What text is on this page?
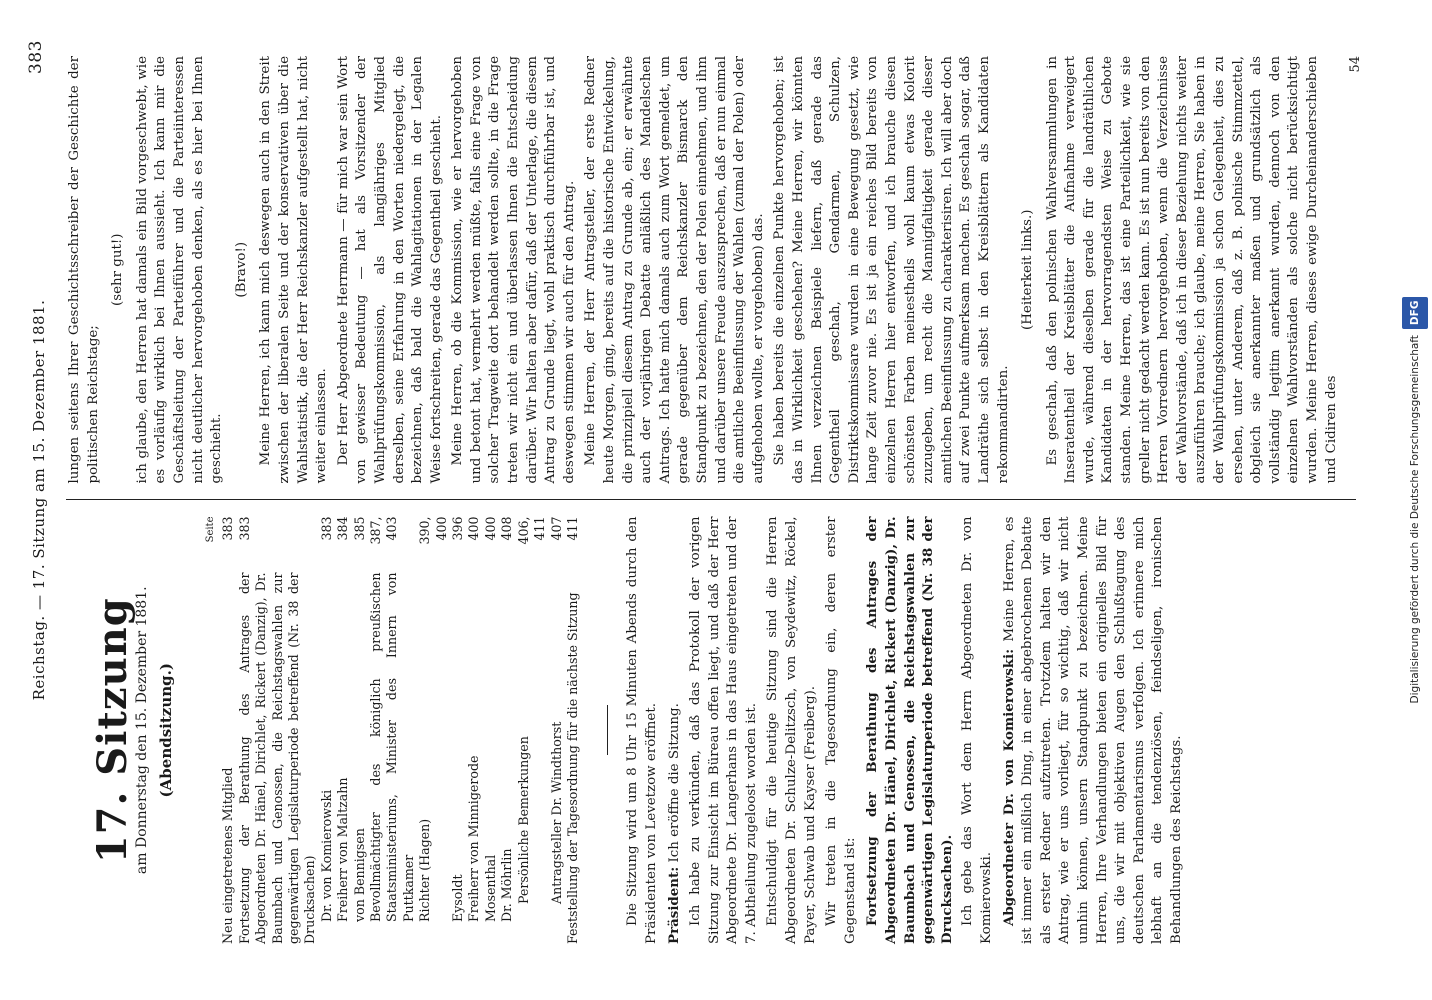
Reichstag. — 17. Sitzung am 15. Dezember 1881.
383
17. Sitzung
am Donnerstag den 15. Dezember 1881. (Abendsitzung.)
Seite
Neu eingetretenes Mitglied
383
Fortsetzung der Berathung des Antrages der Abgeordneten Dr. Hänel, Dirichlet, Rickert (Danzig), Dr. Baumbach und Genossen, die Reichstagswahlen zur gegenwärtigen Legislaturperiode betreffend (Nr. 38 der Drucksachen)
383
Dr. von Komierowski
383
Freiherr von Maltzahn
384
von Bennigsen
385
Bevollmächtigter des königlich preußischen Staatsministeriums, Minister des Innern von Puttkamer
387, 403
Richter (Hagen)
390, 400
Eysoldt
396
Freiherr von Minnigerode
400
Mosenthal
400
Dr. Möhrlin
408
Persönliche Bemerkungen
406, 411
Antragsteller Dr. Windthorst
407
Feststellung der Tagesordnung für die nächste Sitzung
411	Die Sitzung wird um 8 Uhr 15 Minuten Abends durch den Präsidenten von Levetzow eröffnet. Präsident: Ich eröffne die Sitzung. Ich habe zu verkünden, daß das Protokoll der vorigen Sitzung zur Einsicht im Büreau offen liegt, und daß der Herr Abgeordnete Dr. Langerhans in das Haus eingetreten und der 7. Abtheilung zugeloost worden ist. Entschuldigt für die heutige Sitzung sind die Herren Abgeordneten Dr. Schulze-Delitzsch, von Seydewitz, Röckel, Payer, Schwab und Kayser (Freiberg). Wir treten in die Tagesordnung ein, deren erster Gegenstand ist: Fortsetzung der Berathung des Antrages der Abgeordneten Dr. Hänel, Dirichlet, Rickert (Danzig), Dr. Baumbach und Genossen, die Reichstagswahlen zur gegenwärtigen Legislaturperiode betreffend (Nr. 38 der Drucksachen). Ich gebe das Wort dem Herrn Abgeordneten Dr. von Komierowski. Abgeordneter Dr. von Komierowski: Meine Herren, es ist immer ein mißlich Ding, in einer abgebrochenen Debatte als erster Redner aufzutreten. Trotzdem halten wir den Antrag, wie er uns vorliegt, für so wichtig, daß wir nicht umhin können, unsern Standpunkt zu bezeichnen. Meine Herren, Ihre Verhandlungen bieten ein originelles Bild für uns, die wir mit objektiven Augen den Schlußtagung des deutschen Parlamentarismus verfolgen. Ich erinnere mich lebhaft an die tendenziösen, feindseligen, ironischen Behandlungen des Reichstags.

lungen seitens Ihrer Geschichtsschreiber der Geschichte der politischen Reichstage;

(sehr gut!) ich glaube, den Herren hat damals ein Bild vorgeschwebt, wie es vorläufig wirklich bei Ihnen aussieht. Ich kann mir die Geschäftsleitung der Parteiführer und die Parteiinteressen nicht deutlicher hervorgehoben denken, als es hier bei Ihnen geschieht.

(Bravo!) Meine Herren, ich kann mich deswegen auch in den Streit zwischen der liberalen Seite und der konservativen über die Wahlstatistik, die der Herr Reichskanzler aufgestellt hat, nicht weiter einlassen. Der Herr Abgeordnete Herrmann — für mich war sein Wort von gewisser Bedeutung — hat als Vorsitzender der Wahlprüfungskommission, als langjähriges Mitglied derselben, seine Erfahrung in den Worten niedergelegt, die bezeichnen, daß bald die Wahlagitationen in der Legalen Weise fortschreiten, gerade das Gegentheil geschieht. Meine Herren, ob die Kommission, wie er hervorgehoben und betont hat, vermehrt werden müßte, falls eine Frage von solcher Tragweite dort behandelt werden sollte, in die Frage treten wir nicht ein und überlassen Ihnen die Entscheidung darüber. Wir halten aber dafür, daß der Unterlage, die diesem Antrag zu Grunde liegt, wohl praktisch durchführbar ist, und deswegen stimmen wir auch für den Antrag. Meine Herren, der Herr Antragsteller, der erste Redner heute Morgen, ging, bereits auf die historische Entwickelung, die prinzipiell diesem Antrag zu Grunde ab, ein; er erwähnte auch der vorjährigen Debatte anläßlich des Mandelschen Antrags. Ich hatte mich damals auch zum Wort gemeldet, um gerade gegenüber dem Reichskanzler Bismarck den Standpunkt zu bezeichnen, den der Polen einnehmen, und ihm und darüber unsere Freude auszusprechen, daß er nun einmal die amtliche Beeinflussung der Wahlen (zumal der Polen) oder aufgehoben wollte, er vorgehoben) das. Sie haben bereits die einzelnen Punkte hervorgehoben; ist das in Wirklichkeit geschehen? Meine Herren, wir könnten Ihnen verzeichnen Beispiele liefern, daß gerade das Gegentheil geschah, Gendarmen, Schulzen, Distriktskommissare wurden in eine Bewegung gesetzt, wie lange Zeit zuvor nie. Es ist ja ein reiches Bild bereits von einzelnen Herren hier entworfen, und ich brauche diesen schönsten Farben meinestheils wohl kaum etwas Kolorit zuzugeben, um recht die Mannigfaltigkeit gerade dieser amtlichen Beeinflussung zu charakterisiren. Ich will aber doch auf zwei Punkte aufmerksam machen. Es geschah sogar, daß Landräthe sich selbst in den Kreisblättern als Kandidaten rekommandirten.

(Heiterkeit links.) Es geschah, daß den polnischen Wahlversammlungen in Inseratentheil der Kreisblätter die Aufnahme verweigert wurde, während dieselben gerade für die landräthlichen Kandidaten in der hervorragendsten Weise zu Gebote standen. Meine Herren, das ist eine Parteilichkeit, wie sie greller nicht gedacht werden kann. Es ist nun bereits von den Herren Vorrednern hervorgehoben, wenn die Verzeichnisse der Wahlvorstände, daß ich in dieser Beziehung nichts weiter auszuführen brauche; ich glaube, meine Herren, Sie haben in der Wahlprüfungskommission ja schon Gelegenheit, dies zu ersehen, unter Anderem, daß z. B. polnische Stimmzettel, obgleich sie anerkannter maßen und grundsätzlich als vollständig legitim anerkannt wurden, dennoch von den einzelnen Wahlvorständen als solche nicht berücksichtigt wurden. Meine Herren, dieses ewige Durcheinanderschieben und Cidiren des

54
Digitalisierung gefördert durch die Deutsche ForschungsgemeinschaftDFG
